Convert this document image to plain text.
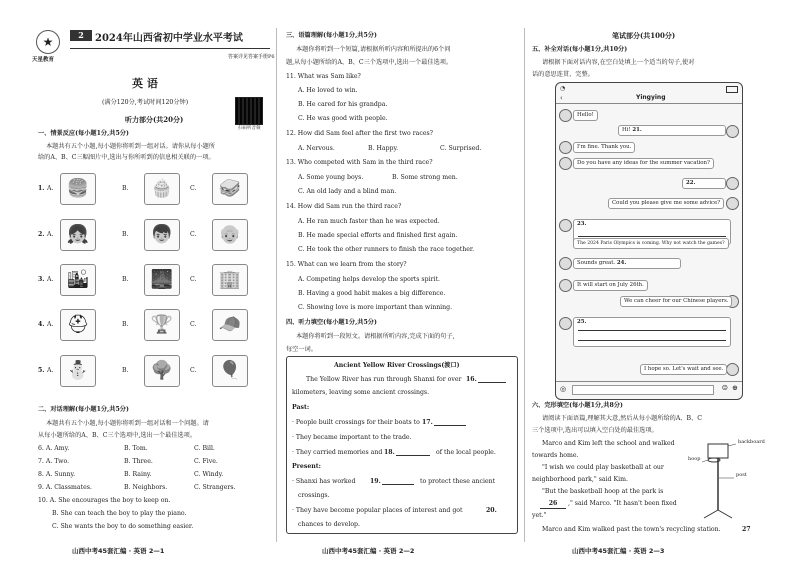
2
★
天星教育
2024年山西省初中学业水平考试
答案详见答案手册P6
英 语
(满分120分,考试时间120分钟)
听力部分(共20分)
扫码听音频
一、情景反应(每小题1分,共5分)
本题共有五个小题,每小题你将听到一组对话。请你从每小题所
给的A、B、C三幅图片中,选出与你所听到的信息相关联的一项。
1. A. 🍔	B.	🧁	C.	🥪
2. A. 👧	B.	👦	C.	👴
3. A. 🏙	B.	🌉	C.	🏢
4. A. ⛑	B.	🏆	C.	🧢
5. A. ⛄	B.	🌳	C.	🎈
二、对话理解(每小题1分,共5分)
本题共有五个小题,每小题你将听到一组对话和一个问题。请
从每小题所给的A、B、C三个选项中,选出一个最佳选项。
6. A. Amy.	B. Tom.	C. Bill.
7. A. Two.	B. Three.	C. Five.
8. A. Sunny.	B. Rainy.	C. Windy.
9. A. Classmates.	B. Neighbors.	C. Strangers.
10. A. She encourages the boy to keep on.
B. She can teach the boy to play the piano.
C. She wants the boy to do something easier.
三、语篇理解(每小题1分,共5分)
本题你将听到一个短篇,请根据所听内容和所提出的6个问
题,从每小题所给的A、B、C三个选项中,选出一个最佳选项。
11. What was Sam like?
A. He loved to win.
B. He cared for his grandpa.
C. He was good with people.
12. How did Sam feel after the first two races?
A. Nervous.	B. Happy.	C. Surprised.
13. Who competed with Sam in the third race?
A. Some young boys.	B. Some strong men.
C. An old lady and a blind man.
14. How did Sam run the third race?
A. He ran much faster than he was expected.
B. He made special efforts and finished first again.
C. He took the other runners to finish the race together.
15. What can we learn from the story?
A. Competing helps develop the sports spirit.
B. Having a good habit makes a big difference.
C. Showing love is more important than winning.
四、听力填空(每小题1分,共5分)
本题你将听到一段短文。请根据所听内容,完成下面的句子,
每空一词。
Ancient Yellow River Crossings(渡口)
The Yellow River has run through Shanxi for over 16.
kilometers, leaving some ancient crossings.
Past:
· People built crossings for their boats to 17.
· They became important to the trade.
· They carried memories and 18.	of the local people.
Present:
· Shanxi has worked 19.	to protect these ancient
crossings.
· They have become popular places of interest and got	20.
chances to develop.
笔试部分(共100分)
五、补全对话(每小题1分,共10分)
请根据下面对话内容,在空白处填上一个适当的句子,使对
话的意思连贯、完整。
◔
‹	Yingying
Hello!
Hi! 21.
I'm fine. Thank you.
Do you have any ideas for the summer vacation?
22.
Could you please give me some advice?
23.
The 2024 Paris Olympics is coming. Why not watch the games?
Sounds great. 24.
It will start on July 26th.
We can cheer for our Chinese players.
25.
I hope so. Let's wait and see.
◎	☺ ⊕
六、完形填空(每小题1分,共8分)
请阅读下面语篇,理解其大意,然后从每小题所给的A、B、C
三个选项中,选出可以填入空白处的最佳选项。
Marco and Kim left the school and walked
towards home.
"I wish we could play basketball at our
neighborhood park," said Kim.
"But the basketball hoop at the park is
26	," said Marco. "It hasn't been fixed
yet."
Marco and Kim walked past the town's recycling station.	27
backboard
hoop
post
山西中考45套汇编 · 英语 2—1	山西中考45套汇编 · 英语 2—2	山西中考45套汇编 · 英语 2—3
